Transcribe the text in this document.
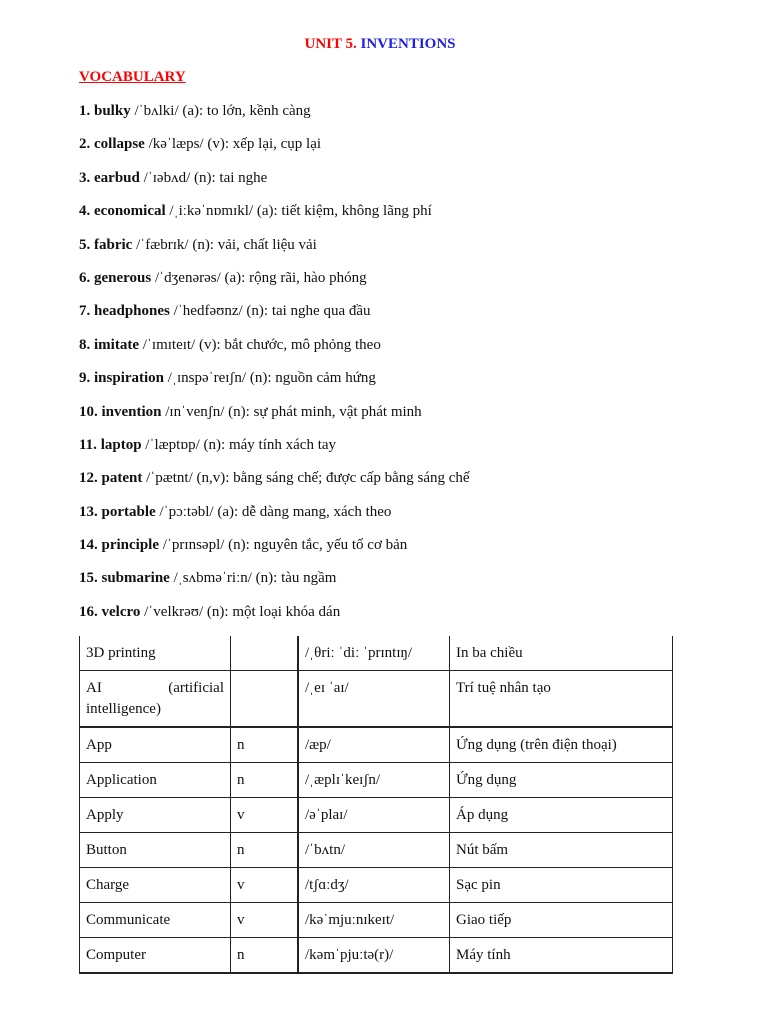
UNIT 5. INVENTIONS
VOCABULARY
1. bulky /ˈbʌlki/ (a): to lớn, kềnh càng
2. collapse /kəˈlæps/ (v): xếp lại, cụp lại
3. earbud /ˈɪəbʌd/ (n): tai nghe
4. economical /ˌiːkəˈnɒmɪkl/ (a): tiết kiệm, không lãng phí
5. fabric /ˈfæbrɪk/ (n): vải, chất liệu vải
6. generous /ˈdʒenərəs/ (a): rộng rãi, hào phóng
7. headphones /ˈhedfəʊnz/ (n): tai nghe qua đầu
8. imitate /ˈɪmɪteɪt/ (v): bắt chước, mô phỏng theo
9. inspiration /ˌɪnspəˈreɪʃn/ (n): nguồn cảm hứng
10. invention /ɪnˈvenʃn/ (n): sự phát minh, vật phát minh
11. laptop /ˈlæptɒp/ (n): máy tính xách tay
12. patent /ˈpætnt/ (n,v): bằng sáng chế; được cấp bằng sáng chế
13. portable /ˈpɔːtəbl/ (a): dễ dàng mang, xách theo
14. principle /ˈprɪnsəpl/ (n): nguyên tắc, yếu tố cơ bản
15. submarine /ˌsʌbməˈriːn/ (n): tàu ngầm
16. velcro /ˈvelkrəʊ/ (n): một loại khóa dán
3D printing		/ˌθriː ˈdiː ˈprɪntɪŋ/	In ba chiều

AI (artificial
intelligence)		/ˌeɪ ˈaɪ/	Trí tuệ nhân tạo
App	n	/æp/	Ứng dụng (trên điện thoại)
Application	n	/ˌæplɪˈkeɪʃn/	Ứng dụng
Apply	v	/əˈplaɪ/	Áp dụng
Button	n	/ˈbʌtn/	Nút bấm
Charge	v	/tʃɑːdʒ/	Sạc pin
Communicate	v	/kəˈmjuːnɪkeɪt/	Giao tiếp
Computer	n	/kəmˈpjuːtə(r)/	Máy tính
